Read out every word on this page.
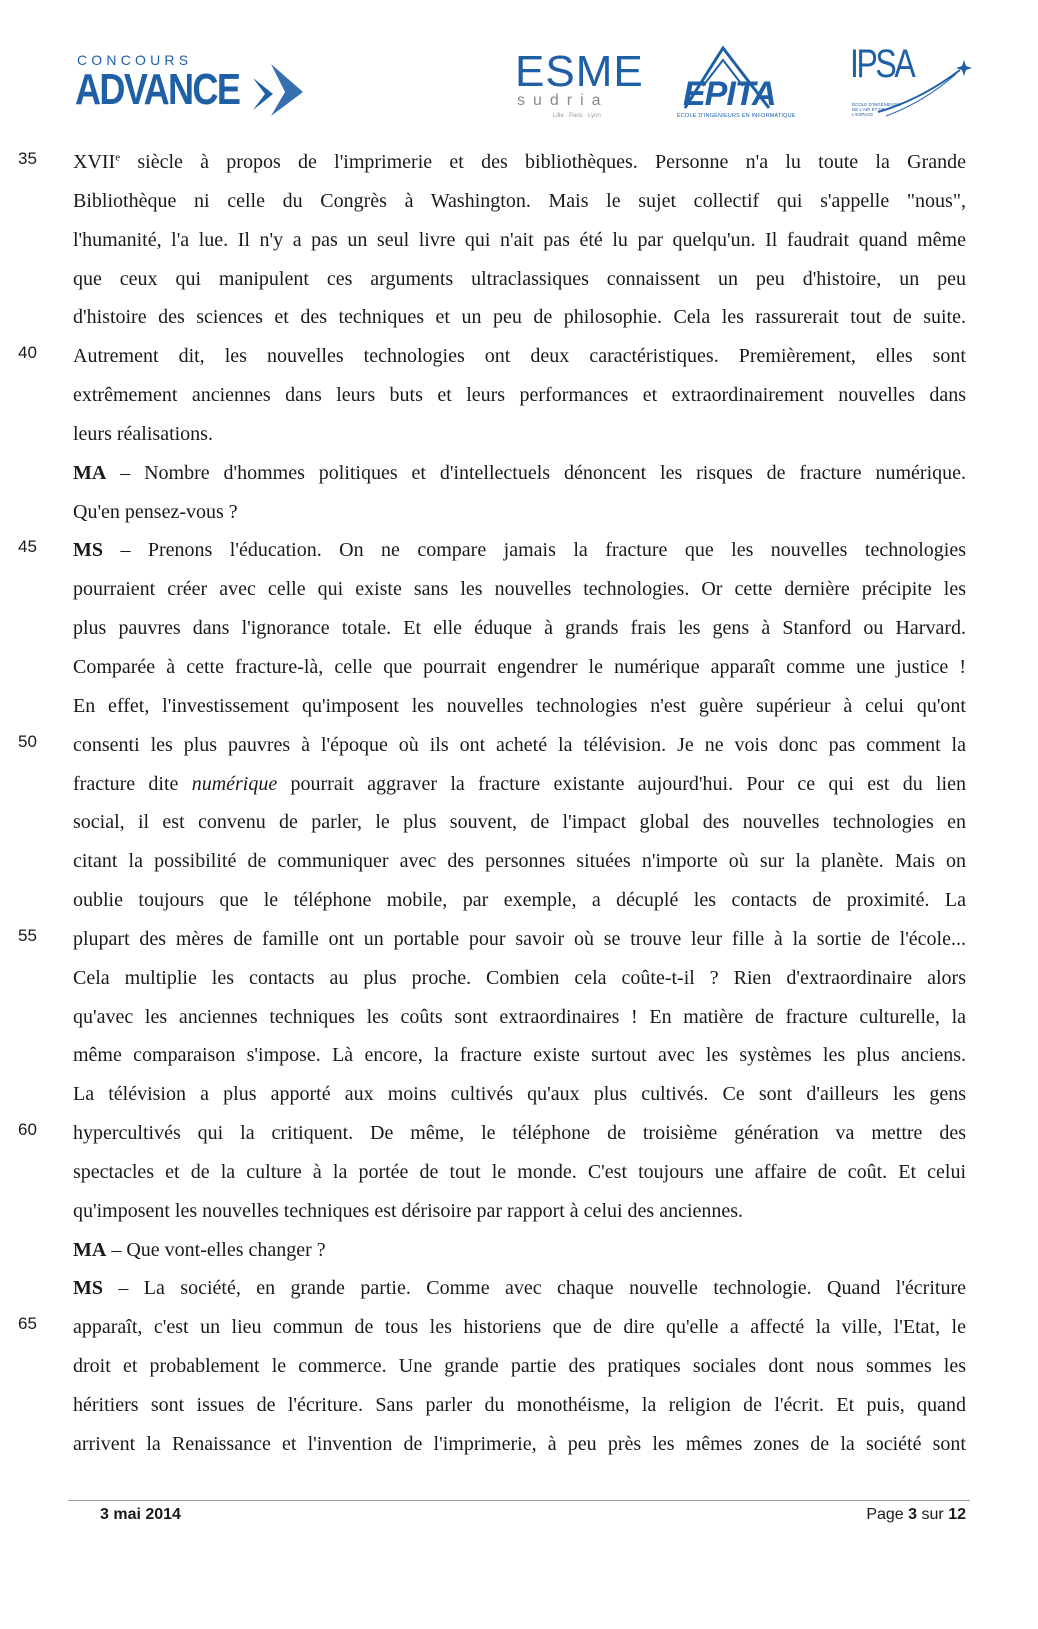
CONCOURS
ADVANCE	ESME
sudria
Lille · Paris · Lyon
EPITA
ÉCOLE D'INGÉNIEURS EN INFORMATIQUE
IPSA
ÉCOLE D'INGÉNIEURS DE L'AIR ET DE L'ESPACE
35	XVIIe siècle à propos de l'imprimerie et des bibliothèques. Personne n'a lu toute la Grande
Bibliothèque ni celle du Congrès à Washington. Mais le sujet collectif qui s'appelle "nous",
l'humanité, l'a lue. Il n'y a pas un seul livre qui n'ait pas été lu par quelqu'un. Il faudrait quand même
que ceux qui manipulent ces arguments ultraclassiques connaissent un peu d'histoire, un peu
d'histoire des sciences et des techniques et un peu de philosophie. Cela les rassurerait tout de suite.
40	Autrement dit, les nouvelles technologies ont deux caractéristiques. Premièrement, elles sont
extrêmement anciennes dans leurs buts et leurs performances et extraordinairement nouvelles dans
leurs réalisations.
MA – Nombre d'hommes politiques et d'intellectuels dénoncent les risques de fracture numérique.
Qu'en pensez-vous ?
45	MS – Prenons l'éducation. On ne compare jamais la fracture que les nouvelles technologies
pourraient créer avec celle qui existe sans les nouvelles technologies. Or cette dernière précipite les
plus pauvres dans l'ignorance totale. Et elle éduque à grands frais les gens à Stanford ou Harvard.
Comparée à cette fracture-là, celle que pourrait engendrer le numérique apparaît comme une justice !
En effet, l'investissement qu'imposent les nouvelles technologies n'est guère supérieur à celui qu'ont
50	consenti les plus pauvres à l'époque où ils ont acheté la télévision. Je ne vois donc pas comment la
fracture dite numérique pourrait aggraver la fracture existante aujourd'hui. Pour ce qui est du lien
social, il est convenu de parler, le plus souvent, de l'impact global des nouvelles technologies en
citant la possibilité de communiquer avec des personnes situées n'importe où sur la planète. Mais on
oublie toujours que le téléphone mobile, par exemple, a décuplé les contacts de proximité. La
55	plupart des mères de famille ont un portable pour savoir où se trouve leur fille à la sortie de l'école...
Cela multiplie les contacts au plus proche. Combien cela coûte-t-il ? Rien d'extraordinaire alors
qu'avec les anciennes techniques les coûts sont extraordinaires ! En matière de fracture culturelle, la
même comparaison s'impose. Là encore, la fracture existe surtout avec les systèmes les plus anciens.
La télévision a plus apporté aux moins cultivés qu'aux plus cultivés. Ce sont d'ailleurs les gens
60	hypercultivés qui la critiquent. De même, le téléphone de troisième génération va mettre des
spectacles et de la culture à la portée de tout le monde. C'est toujours une affaire de coût. Et celui
qu'imposent les nouvelles techniques est dérisoire par rapport à celui des anciennes.
MA – Que vont-elles changer ?
MS – La société, en grande partie. Comme avec chaque nouvelle technologie. Quand l'écriture
65	apparaît, c'est un lieu commun de tous les historiens que de dire qu'elle a affecté la ville, l'Etat, le
droit et probablement le commerce. Une grande partie des pratiques sociales dont nous sommes les
héritiers sont issues de l'écriture. Sans parler du monothéisme, la religion de l'écrit. Et puis, quand
arrivent la Renaissance et l'invention de l'imprimerie, à peu près les mêmes zones de la société sont
3 mai 2014	Page 3 sur 12
